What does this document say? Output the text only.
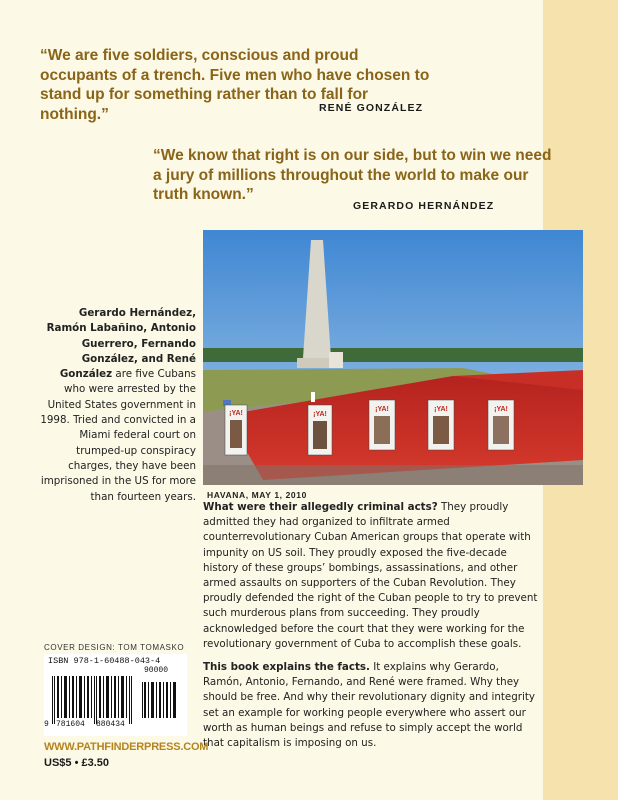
“We are five soldiers, conscious and proud occupants of a trench. Five men who have chosen to stand up for something rather than to fall for nothing.”	RENÉ GONZÁLEZ
“We know that right is on our side, but to win we need a jury of millions throughout the world to make our truth known.”
GERARDO HERNÁNDEZ
¡YA!	¡YA!
¡YA!	¡YA!	¡YA!
HAVANA, MAY 1, 2010
Gerardo Hernández, Ramón Labañino, Antonio Guerrero, Fernando González, and René González are five Cubans who were arrested by the United States government in 1998. Tried and convicted in a Miami federal court on trumped-up conspiracy charges, they have been imprisoned in the US for more than fourteen years.
What were their allegedly criminal acts? They proudly admitted they had organized to infiltrate armed counterrevolutionary Cuban American groups that operate with impunity on US soil. They proudly exposed the five-decade history of these groups’ bombings, assassinations, and other armed assaults on supporters of the Cuban Revolution. They proudly defended the right of the Cuban people to try to prevent such murderous plans from succeeding. They proudly acknowledged before the court that they were working for the revolutionary government of Cuba to accomplish these goals.
This book explains the facts. It explains why Gerardo, Ramón, Antonio, Fernando, and René were framed. Why they should be free. And why their revolutionary dignity and integrity set an example for working people everywhere who assert our worth as human beings and refuse to simply accept the world that capitalism is imposing on us.
COVER DESIGN: TOM TOMASKO
ISBN 978-1-60488-043-4
90000
9 781604 880434
WWW.PATHFINDERPRESS.COM
US$5 • £3.50
